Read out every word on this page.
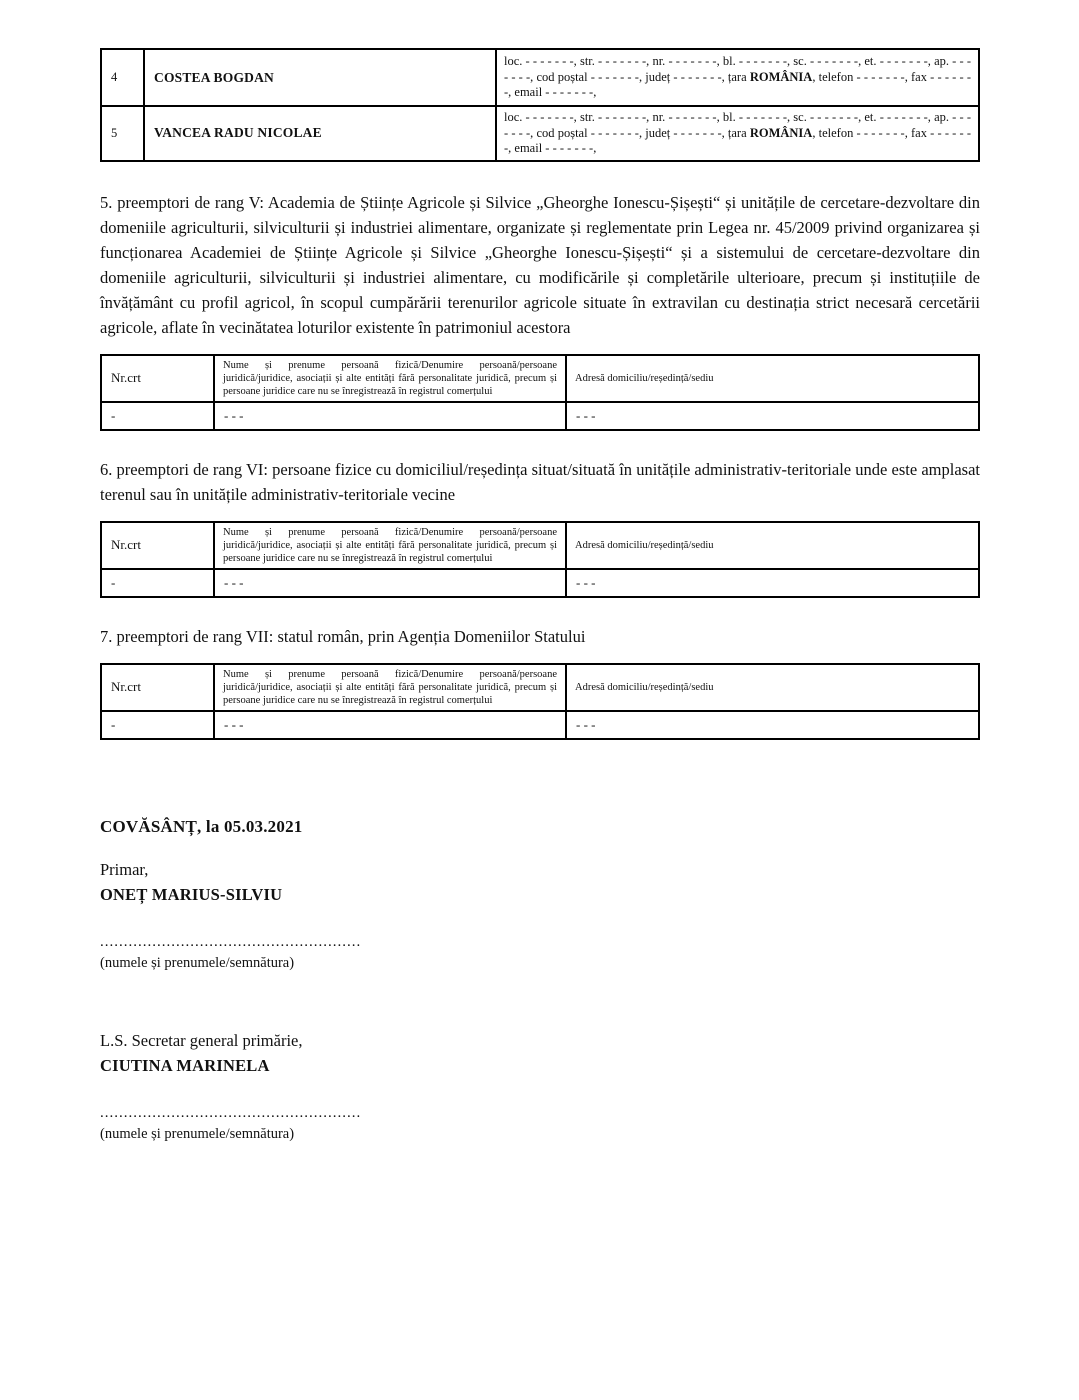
4	COSTEA BOGDAN	loc. - - - - - - -, str. - - - - - - -, nr. - - - - - - -, bl. - - - - - - -, sc. - - - - - - -, et. - - - - - - -, ap. - - - - - - -, cod poștal - - - - - - -, județ - - - - - - -, țara ROMÂNIA, telefon - - - - - - -, fax - - - - - - -, email - - - - - - -,
5	VANCEA RADU NICOLAE	loc. - - - - - - -, str. - - - - - - -, nr. - - - - - - -, bl. - - - - - - -, sc. - - - - - - -, et. - - - - - - -, ap. - - - - - - -, cod poștal - - - - - - -, județ - - - - - - -, țara ROMÂNIA, telefon - - - - - - -, fax - - - - - - -, email - - - - - - -,

5. preemptori de rang V: Academia de Științe Agricole și Silvice „Gheorghe Ionescu-Șișești“ și unitățile de cercetare-dezvoltare din domeniile agriculturii, silviculturii și industriei alimentare, organizate și reglementate prin Legea nr. 45/2009 privind organizarea și funcționarea Academiei de Științe Agricole și Silvice „Gheorghe Ionescu-Șișești“ și a sistemului de cercetare-dezvoltare din domeniile agriculturii, silviculturii și industriei alimentare, cu modificările și completările ulterioare, precum și instituțiile de învățământ cu profil agricol, în scopul cumpărării terenurilor agricole situate în extravilan cu destinația strict necesară cercetării agricole, aflate în vecinătatea loturilor existente în patrimoniul acestora

Nr.crt	Nume și prenume persoană fizică/Denumire persoană/persoane juridică/juridice, asociații și alte entități fără personalitate juridică, precum și persoane juridice care nu se înregistrează în registrul comerțului	Adresă domiciliu/reședință/sediu
-	- - -	- - -

6. preemptori de rang VI: persoane fizice cu domiciliul/reședința situat/situată în unitățile administrativ-teritoriale unde este amplasat terenul sau în unitățile administrativ-teritoriale vecine

Nr.crt	Nume și prenume persoană fizică/Denumire persoană/persoane juridică/juridice, asociații și alte entități fără personalitate juridică, precum și persoane juridice care nu se înregistrează în registrul comerțului	Adresă domiciliu/reședință/sediu
-	- - -	- - -

7. preemptori de rang VII: statul român, prin Agenția Domeniilor Statului

Nr.crt	Nume și prenume persoană fizică/Denumire persoană/persoane juridică/juridice, asociații și alte entități fără personalitate juridică, precum și persoane juridice care nu se înregistrează în registrul comerțului	Adresă domiciliu/reședință/sediu
-	- - -	- - -
COVĂSÂNȚ, la 05.03.2021
Primar,
ONEȚ MARIUS-SILVIU
.......................................................
(numele și prenumele/semnătura)
L.S. Secretar general primărie,
CIUTINA MARINELA
.......................................................
(numele și prenumele/semnătura)
